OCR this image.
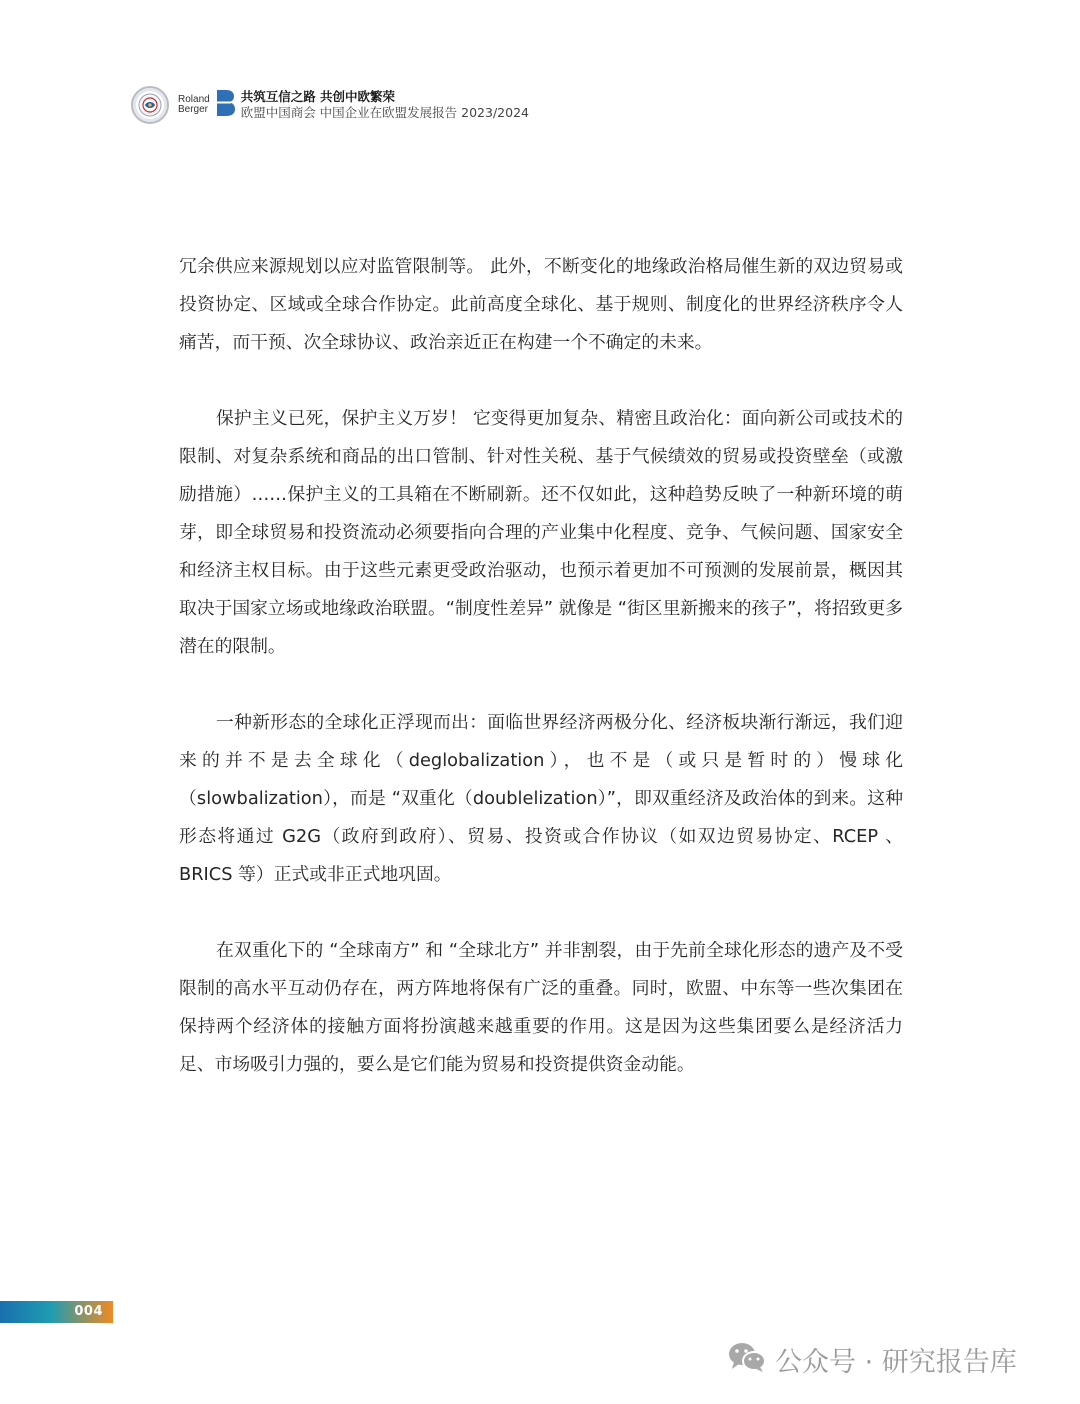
Roland
Berger
共筑互信之路 共创中欧繁荣
欧盟中国商会 中国企业在欧盟发展报告 2023/2024

冗余供应来源规划以应对监管限制等。 此外，不断变化的地缘政治格局催生新的双边贸易或投资协定、区域或全球合作协定。此前高度全球化、基于规则、制度化的世界经济秩序令人痛苦，而干预、次全球协议、政治亲近正在构建一个不确定的未来。

保护主义已死，保护主义万岁！ 它变得更加复杂、精密且政治化：面向新公司或技术的限制、对复杂系统和商品的出口管制、针对性关税、基于气候绩效的贸易或投资壁垒（或激励措施）……保护主义的工具箱在不断刷新。还不仅如此，这种趋势反映了一种新环境的萌芽，即全球贸易和投资流动必须要指向合理的产业集中化程度、竞争、气候问题、国家安全和经济主权目标。由于这些元素更受政治驱动，也预示着更加不可预测的发展前景，概因其取决于国家立场或地缘政治联盟。“制度性差异” 就像是 “街区里新搬来的孩子”，将招致更多潜在的限制。

一种新形态的全球化正浮现而出：面临世界经济两极分化、经济板块渐行渐远，我们迎来的并不是去全球化（deglobalization），也不是（或只是暂时的）慢球化（slowbalization），而是 “双重化（doublelization）”，即双重经济及政治体的到来。这种形态将通过 G2G（政府到政府）、贸易、投资或合作协议（如双边贸易协定、RCEP 、BRICS 等）正式或非正式地巩固。

在双重化下的 “全球南方” 和 “全球北方” 并非割裂，由于先前全球化形态的遗产及不受限制的高水平互动仍存在，两方阵地将保有广泛的重叠。同时，欧盟、中东等一些次集团在保持两个经济体的接触方面将扮演越来越重要的作用。这是因为这些集团要么是经济活力足、市场吸引力强的，要么是它们能为贸易和投资提供资金动能。

004
公众号 · 研究报告库
